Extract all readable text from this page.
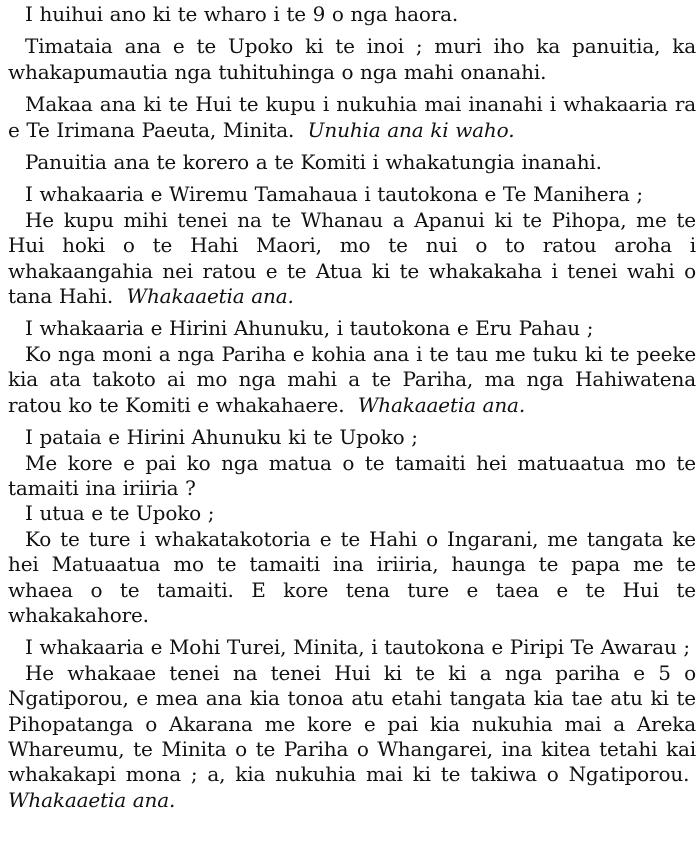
I huihui ano ki te wharo i te 9 o nga haora.

Timataia ana e te Upoko ki te inoi ; muri iho ka panuitia, ka whakapumautia nga tuhituhinga o nga mahi onanahi.

Makaa ana ki te Hui te kupu i nukuhia mai inanahi i whakaaria ra e Te Irimana Paeuta, Minita. Unuhia ana ki waho.

Panuitia ana te korero a te Komiti i whakatungia inanahi.

I whakaaria e Wiremu Tamahaua i tautokona e Te Manihera ;

He kupu mihi tenei na te Whanau a Apanui ki te Pihopa, me te Hui hoki o te Hahi Maori, mo te nui o to ratou aroha i whakaangahia nei ratou e te Atua ki te whakakaha i tenei wahi o tana Hahi. Whakaaetia ana.

I whakaaria e Hirini Ahunuku, i tautokona e Eru Pahau ;

Ko nga moni a nga Pariha e kohia ana i te tau me tuku ki te peeke kia ata takoto ai mo nga mahi a te Pariha, ma nga Hahiwatena ratou ko te Komiti e whakahaere. Whakaaetia ana.

I pataia e Hirini Ahunuku ki te Upoko ;

Me kore e pai ko nga matua o te tamaiti hei matuaatua mo te tamaiti ina iriiria ?

I utua e te Upoko ;

Ko te ture i whakatakotoria e te Hahi o Ingarani, me tangata ke hei Matuaatua mo te tamaiti ina iriiria, haunga te papa me te whaea o te tamaiti. E kore tena ture e taea e te Hui te whakakahore.

I whakaaria e Mohi Turei, Minita, i tautokona e Piripi Te Awarau ;

He whakaae tenei na tenei Hui ki te ki a nga pariha e 5 o Ngatiporou, e mea ana kia tonoa atu etahi tangata kia tae atu ki te Pihopatanga o Akarana me kore e pai kia nukuhia mai a Areka Whareumu, te Minita o te Pariha o Whangarei, ina kitea tetahi kai whakakapi mona ; a, kia nukuhia mai ki te takiwa o Ngatiporou.  Whakaaetia ana.
